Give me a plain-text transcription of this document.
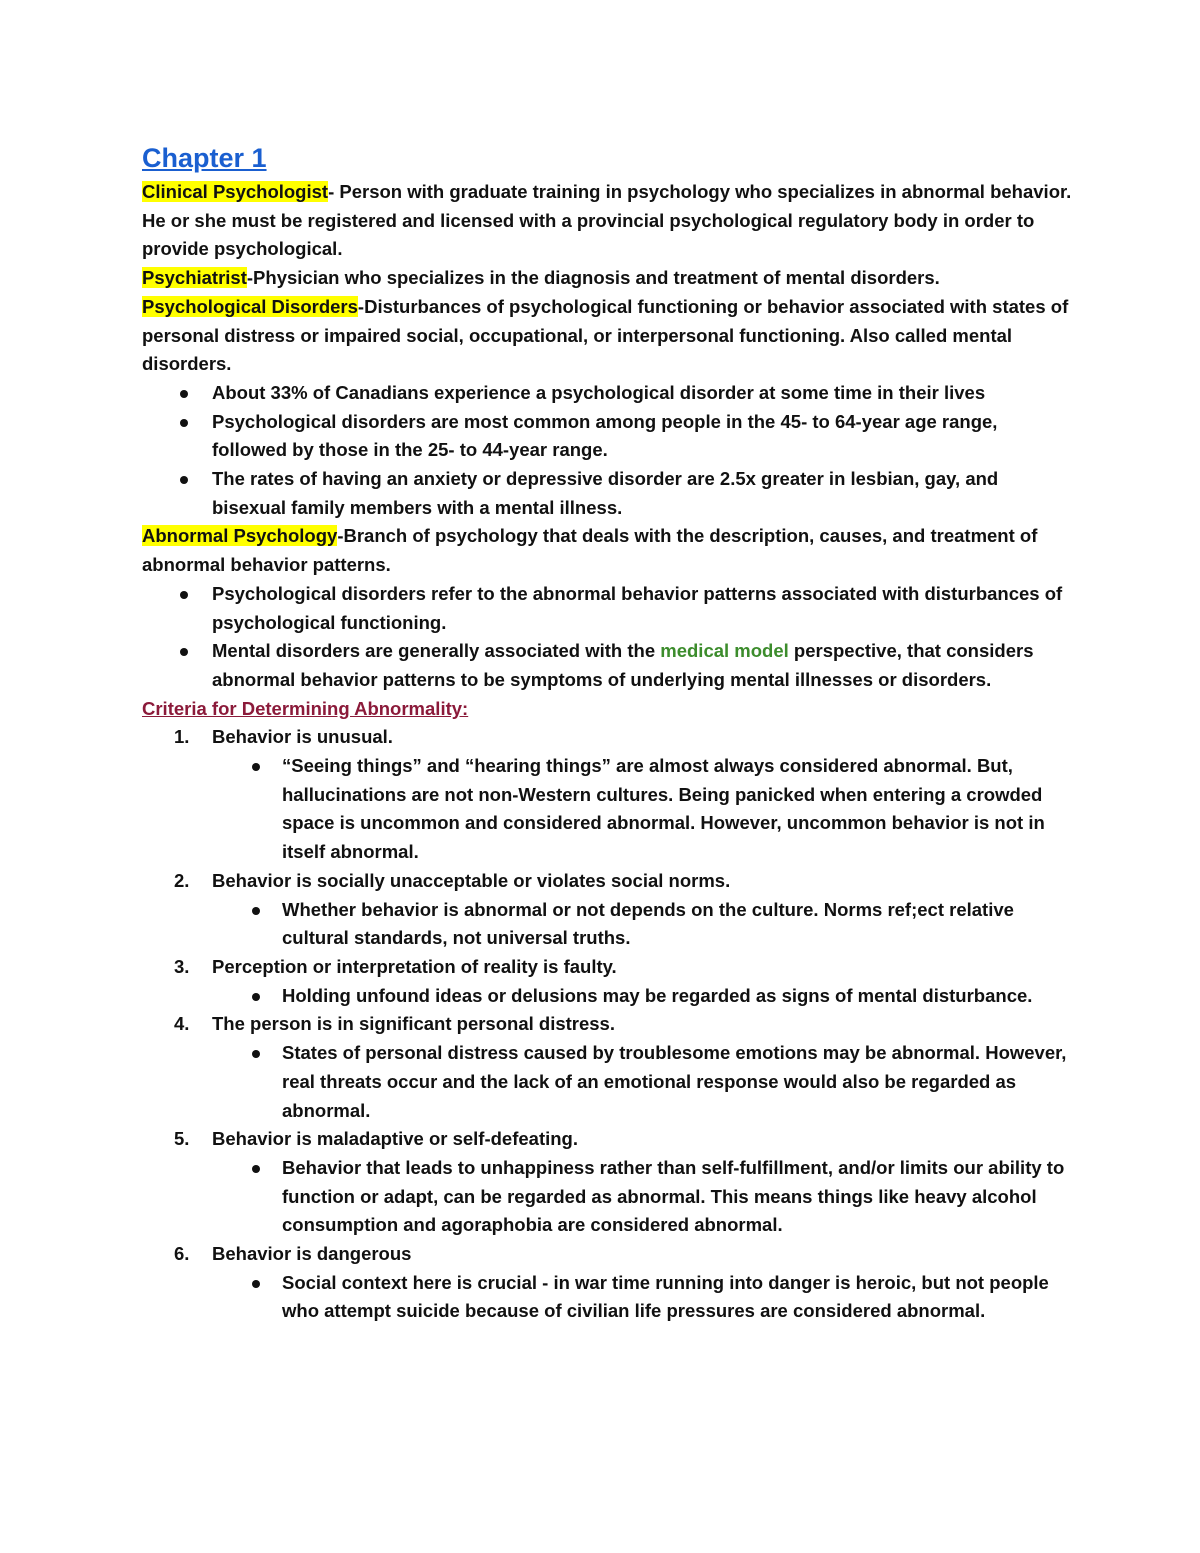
Chapter 1

Clinical Psychologist- Person with graduate training in psychology who specializes in abnormal behavior. He or she must be registered and licensed with a provincial psychological regulatory body in order to provide psychological.

Psychiatrist-Physician who specializes in the diagnosis and treatment of mental disorders.

Psychological Disorders-Disturbances of psychological functioning or behavior associated with states of personal distress or impaired social, occupational, or interpersonal functioning. Also called mental disorders.

About 33% of Canadians experience a psychological disorder at some time in their lives
Psychological disorders are most common among people in the 45- to 64-year age range, followed by those in the 25- to 44-year range.
The rates of having an anxiety or depressive disorder are 2.5x greater in lesbian, gay, and bisexual family members with a mental illness.

Abnormal Psychology-Branch of psychology that deals with the description, causes, and treatment of abnormal behavior patterns.

Psychological disorders refer to the abnormal behavior patterns associated with disturbances of psychological functioning.
Mental disorders are generally associated with the medical model perspective, that considers abnormal behavior patterns to be symptoms of underlying mental illnesses or disorders.

Criteria for Determining Abnormality:

1. Behavior is unusual.
“Seeing things” and “hearing things” are almost always considered abnormal. But, hallucinations are not non-Western cultures. Being panicked when entering a crowded space is uncommon and considered abnormal. However, uncommon behavior is not in itself abnormal.
2. Behavior is socially unacceptable or violates social norms.
Whether behavior is abnormal or not depends on the culture. Norms ref;ect relative cultural standards, not universal truths.
3. Perception or interpretation of reality is faulty.
Holding unfound ideas or delusions may be regarded as signs of mental disturbance.
4. The person is in significant personal distress.
States of personal distress caused by troublesome emotions may be abnormal. However, real threats occur and the lack of an emotional response would also be regarded as abnormal.
5. Behavior is maladaptive or self-defeating.
Behavior that leads to unhappiness rather than self-fulfillment, and/or limits our ability to function or adapt, can be regarded as abnormal. This means things like heavy alcohol consumption and agoraphobia are considered abnormal.
6. Behavior is dangerous
Social context here is crucial - in war time running into danger is heroic, but not people who attempt suicide because of civilian life pressures are considered abnormal.
